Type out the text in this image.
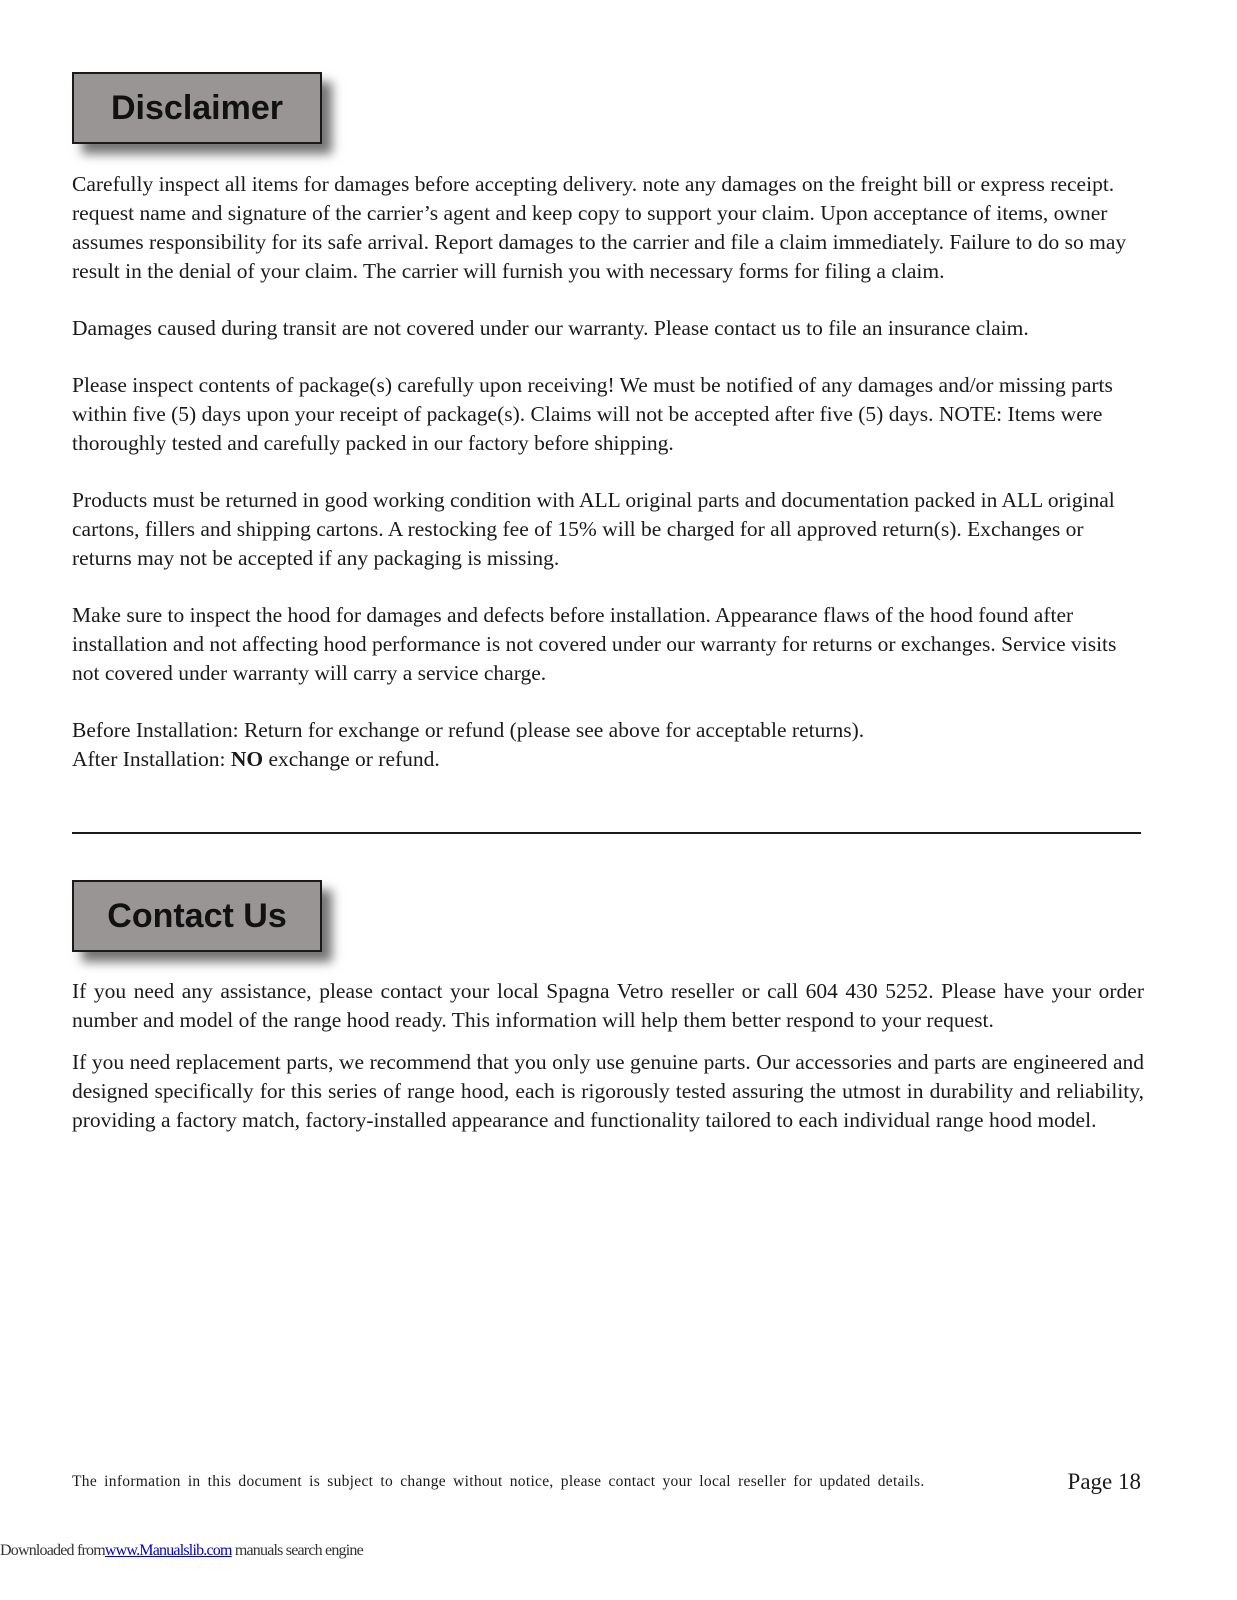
Disclaimer

Carefully inspect all items for damages before accepting delivery. note any damages on the freight bill or express receipt. request name and signature of the carrier’s agent and keep copy to support your claim. Upon acceptance of items, owner assumes responsibility for its safe arrival. Report damages to the carrier and file a claim immediately. Failure to do so may result in the denial of your claim. The carrier will furnish you with necessary forms for filing a claim.

Damages caused during transit are not covered under our warranty. Please contact us to file an insurance claim.

Please inspect contents of package(s) carefully upon receiving! We must be notified of any damages and/or missing parts within five (5) days upon your receipt of package(s). Claims will not be accepted after five (5) days. NOTE: Items were thoroughly tested and carefully packed in our factory before shipping.

Products must be returned in good working condition with ALL original parts and documentation packed in ALL original cartons, fillers and shipping cartons. A restocking fee of 15% will be charged for all approved return(s). Exchanges or returns may not be accepted if any packaging is missing.

Make sure to inspect the hood for damages and defects before installation. Appearance flaws of the hood found after installation and not affecting hood performance is not covered under our warranty for returns or exchanges. Service visits not covered under warranty will carry a service charge.

Before Installation: Return for exchange or refund (please see above for acceptable returns).
After Installation: NO exchange or refund.

Contact Us

If you need any assistance, please contact your local Spagna Vetro reseller or call 604 430 5252. Please have your order number and model of the range hood ready. This information will help them better respond to your request.

If you need replacement parts, we recommend that you only use genuine parts. Our accessories and parts are engineered and designed specifically for this series of range hood, each is rigorously tested assuring the utmost in durability and reliability, providing a factory match, factory-installed appearance and functionality tailored to each individual range hood model.

The information in this document is subject to change without notice, please contact your local reseller for updated details.	Page 18
Downloaded fromwww.Manualslib.com manuals search engine
